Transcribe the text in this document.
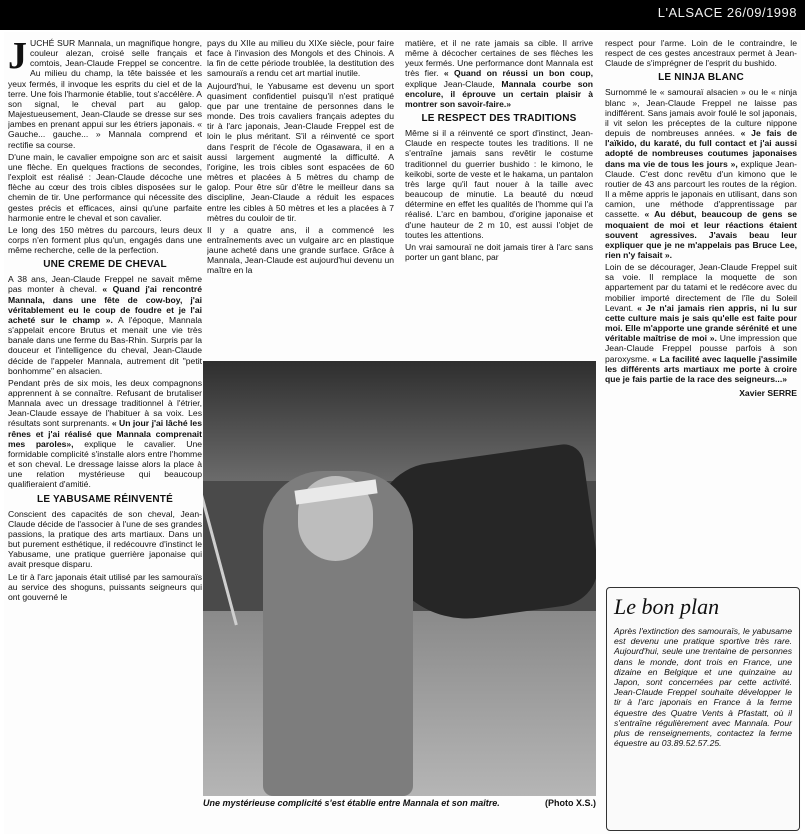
L'ALSACE 26/09/1998

JUCHÉ SUR Mannala, un magnifique hongre, couleur alezan, croisé selle français et comtois, Jean-Claude Freppel se concentre. Au milieu du champ, la tête baissée et les yeux fermés, il invoque les esprits du ciel et de la terre. Une fois l'harmonie établie, tout s'accélère. A son signal, le cheval part au galop. Majestueusement, Jean-Claude se dresse sur ses jambes en prenant appui sur les étriers japonais. « Gauche... gauche... » Mannala comprend et rectifie sa course.

D'une main, le cavalier empoigne son arc et saisit une flèche. En quelques fractions de secondes, l'exploit est réalisé : Jean-Claude décoche une flèche au cœur des trois cibles disposées sur le chemin de tir. Une performance qui nécessite des gestes précis et efficaces, ainsi qu'une parfaite harmonie entre le cheval et son cavalier.

Le long des 150 mètres du parcours, leurs deux corps n'en forment plus qu'un, engagés dans une même recherche, celle de la perfection.

UNE CREME DE CHEVAL

A 38 ans, Jean-Claude Freppel ne savait même pas monter à cheval. « Quand j'ai rencontré Mannala, dans une fête de cow-boy, j'ai véritablement eu le coup de foudre et je l'ai acheté sur le champ ». A l'époque, Mannala s'appelait encore Brutus et menait une vie très banale dans une ferme du Bas-Rhin. Surpris par la douceur et l'intelligence du cheval, Jean-Claude décide de l'appeler Mannala, autrement dit "petit bonhomme" en alsacien.

Pendant près de six mois, les deux compagnons apprennent à se connaître. Refusant de brutaliser Mannala avec un dressage traditionnel à l'étrier, Jean-Claude essaye de l'habituer à sa voix. Les résultats sont surprenants. « Un jour j'ai lâché les rênes et j'ai réalisé que Mannala comprenait mes paroles», explique le cavalier. Une formidable complicité s'installe alors entre l'homme et son cheval. Le dressage laisse alors la place à une relation mystérieuse qui beaucoup qualifieraient d'amitié.

LE YABUSAME RÉINVENTÉ

Conscient des capacités de son cheval, Jean-Claude décide de l'associer à l'une de ses grandes passions, la pratique des arts martiaux. Dans un but purement esthétique, il redécouvre d'instinct le Yabusame, une pratique guerrière japonaise qui avait presque disparu.

Le tir à l'arc japonais était utilisé par les samouraïs au service des shoguns, puissants seigneurs qui ont gouverné le

pays du XIIe au milieu du XIXe siècle, pour faire face à l'invasion des Mongols et des Chinois. A la fin de cette période troublée, la destitution des samouraïs a rendu cet art martial inutile.

Aujourd'hui, le Yabusame est devenu un sport quasiment confidentiel puisqu'il n'est pratiqué que par une trentaine de personnes dans le monde. Des trois cavaliers français adeptes du tir à l'arc japonais, Jean-Claude Freppel est de loin le plus méritant. S'il a réinventé ce sport dans l'esprit de l'école de Ogasawara, il en a aussi largement augmenté la difficulté. A l'origine, les trois cibles sont espacées de 60 mètres et placées à 5 mètres du champ de galop. Pour être sûr d'être le meilleur dans sa discipline, Jean-Claude a réduit les espaces entre les cibles à 50 mètres et les a placées à 7 mètres du couloir de tir.

Il y a quatre ans, il a commencé les entraînements avec un vulgaire arc en plastique jaune acheté dans une grande surface. Grâce à Mannala, Jean-Claude est aujourd'hui devenu un maître en la

matière, et il ne rate jamais sa cible. Il arrive même à décocher certaines de ses flèches les yeux fermés. Une performance dont Mannala est très fier. « Quand on réussi un bon coup, explique Jean-Claude, Mannala courbe son encolure, il éprouve un certain plaisir à montrer son savoir-faire.»

LE RESPECT DES TRADITIONS

Même si il a réinventé ce sport d'instinct, Jean-Claude en respecte toutes les traditions. Il ne s'entraîne jamais sans revêtir le costume traditionnel du guerrier bushido : le kimono, le keikobi, sorte de veste et le hakama, un pantalon très large qu'il faut nouer à la taille avec beaucoup de minutie. La beauté du nœud détermine en effet les qualités de l'homme qui l'a réalisé. L'arc en bambou, d'origine japonaise et d'une hauteur de 2 m 10, est aussi l'objet de toutes les attentions.

Un vrai samouraï ne doit jamais tirer à l'arc sans porter un gant blanc, par

respect pour l'arme. Loin de le contraindre, le respect de ces gestes ancestraux permet à Jean-Claude de s'imprégner de l'esprit du bushido.

LE NINJA BLANC

Surnommé le « samouraï alsacien » ou le « ninja blanc », Jean-Claude Freppel ne laisse pas indifférent. Sans jamais avoir foulé le sol japonais, il vit selon les préceptes de la culture nippone depuis de nombreuses années. « Je fais de l'aïkido, du karaté, du full contact et j'ai aussi adopté de nombreuses coutumes japonaises dans ma vie de tous les jours », explique Jean-Claude. C'est donc revêtu d'un kimono que le routier de 43 ans parcourt les routes de la région. Il a même appris le japonais en utilisant, dans son camion, une méthode d'apprentissage par cassette. « Au début, beaucoup de gens se moquaient de moi et leur réactions étaient souvent agressives. J'avais beau leur expliquer que je ne m'appelais pas Bruce Lee, rien n'y faisait ».

Loin de se décourager, Jean-Claude Freppel suit sa voie. Il remplace la moquette de son appartement par du tatami et le redécore avec du mobilier importé directement de l'île du Soleil Levant. « Je n'ai jamais rien appris, ni lu sur cette culture mais je sais qu'elle est faite pour moi. Elle m'apporte une grande sérénité et une véritable maîtrise de moi ». Une impression que Jean-Claude Freppel pousse parfois à son paroxysme. « La facilité avec laquelle j'assimile les différents arts martiaux me porte à croire que je fais partie de la race des seigneurs...»

Xavier SERRE

Une mystérieuse complicité s'est établie entre Mannala et son maître.	(Photo X.S.)
Le bon plan

Après l'extinction des samouraïs, le yabusame est devenu une pratique sportive très rare. Aujourd'hui, seule une trentaine de personnes dans le monde, dont trois en France, une dizaine en Belgique et une quinzaine au Japon, sont concernées par cette activité. Jean-Claude Freppel souhaite développer le tir à l'arc japonais en France à la ferme équestre des Quatre Vents à Pfastatt, où il s'entraîne régulièrement avec Mannala. Pour plus de renseignements, contactez la ferme équestre au 03.89.52.57.25.
